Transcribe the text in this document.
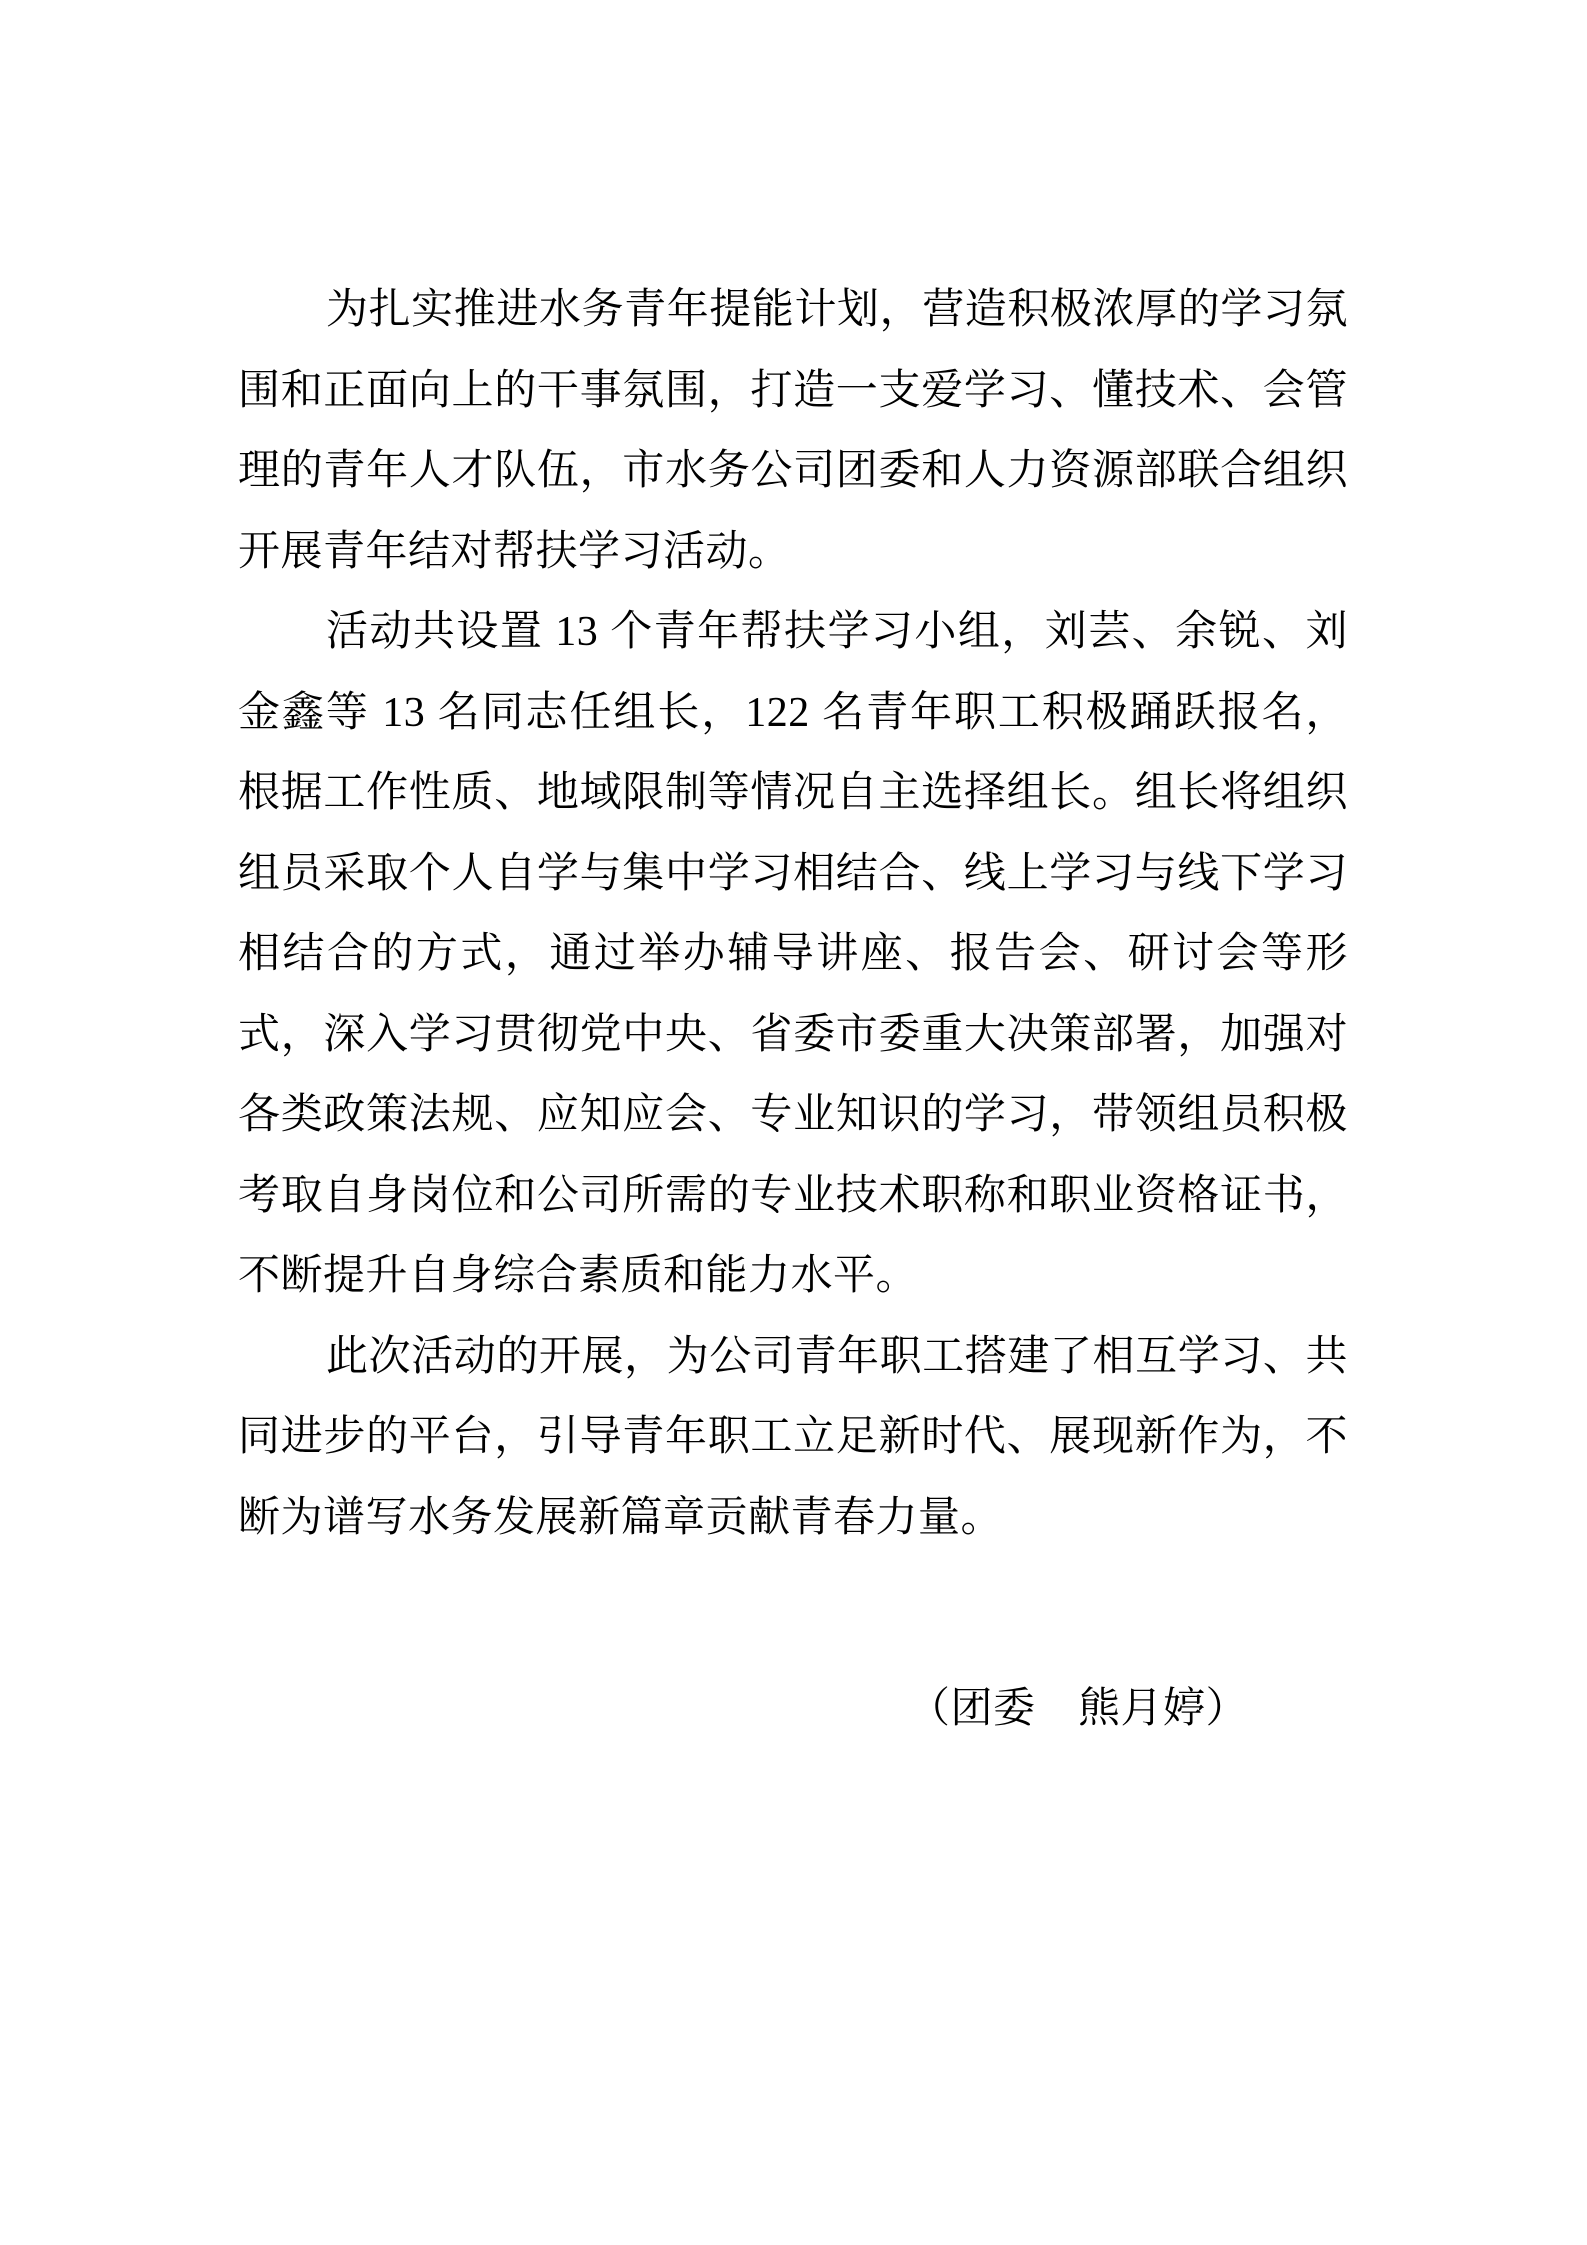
为扎实推进水务青年提能计划，营造积极浓厚的学习氛围和正面向上的干事氛围，打造一支爱学习、懂技术、会管理的青年人才队伍，市水务公司团委和人力资源部联合组织开展青年结对帮扶学习活动。

活动共设置 13 个青年帮扶学习小组，刘芸、余锐、刘金鑫等 13 名同志任组长，122 名青年职工积极踊跃报名，根据工作性质、地域限制等情况自主选择组长。组长将组织组员采取个人自学与集中学习相结合、线上学习与线下学习相结合的方式，通过举办辅导讲座、报告会、研讨会等形式，深入学习贯彻党中央、省委市委重大决策部署，加强对各类政策法规、应知应会、专业知识的学习，带领组员积极考取自身岗位和公司所需的专业技术职称和职业资格证书，不断提升自身综合素质和能力水平。

此次活动的开展，为公司青年职工搭建了相互学习、共同进步的平台，引导青年职工立足新时代、展现新作为，不断为谱写水务发展新篇章贡献青春力量。

（团委　熊月婷）
